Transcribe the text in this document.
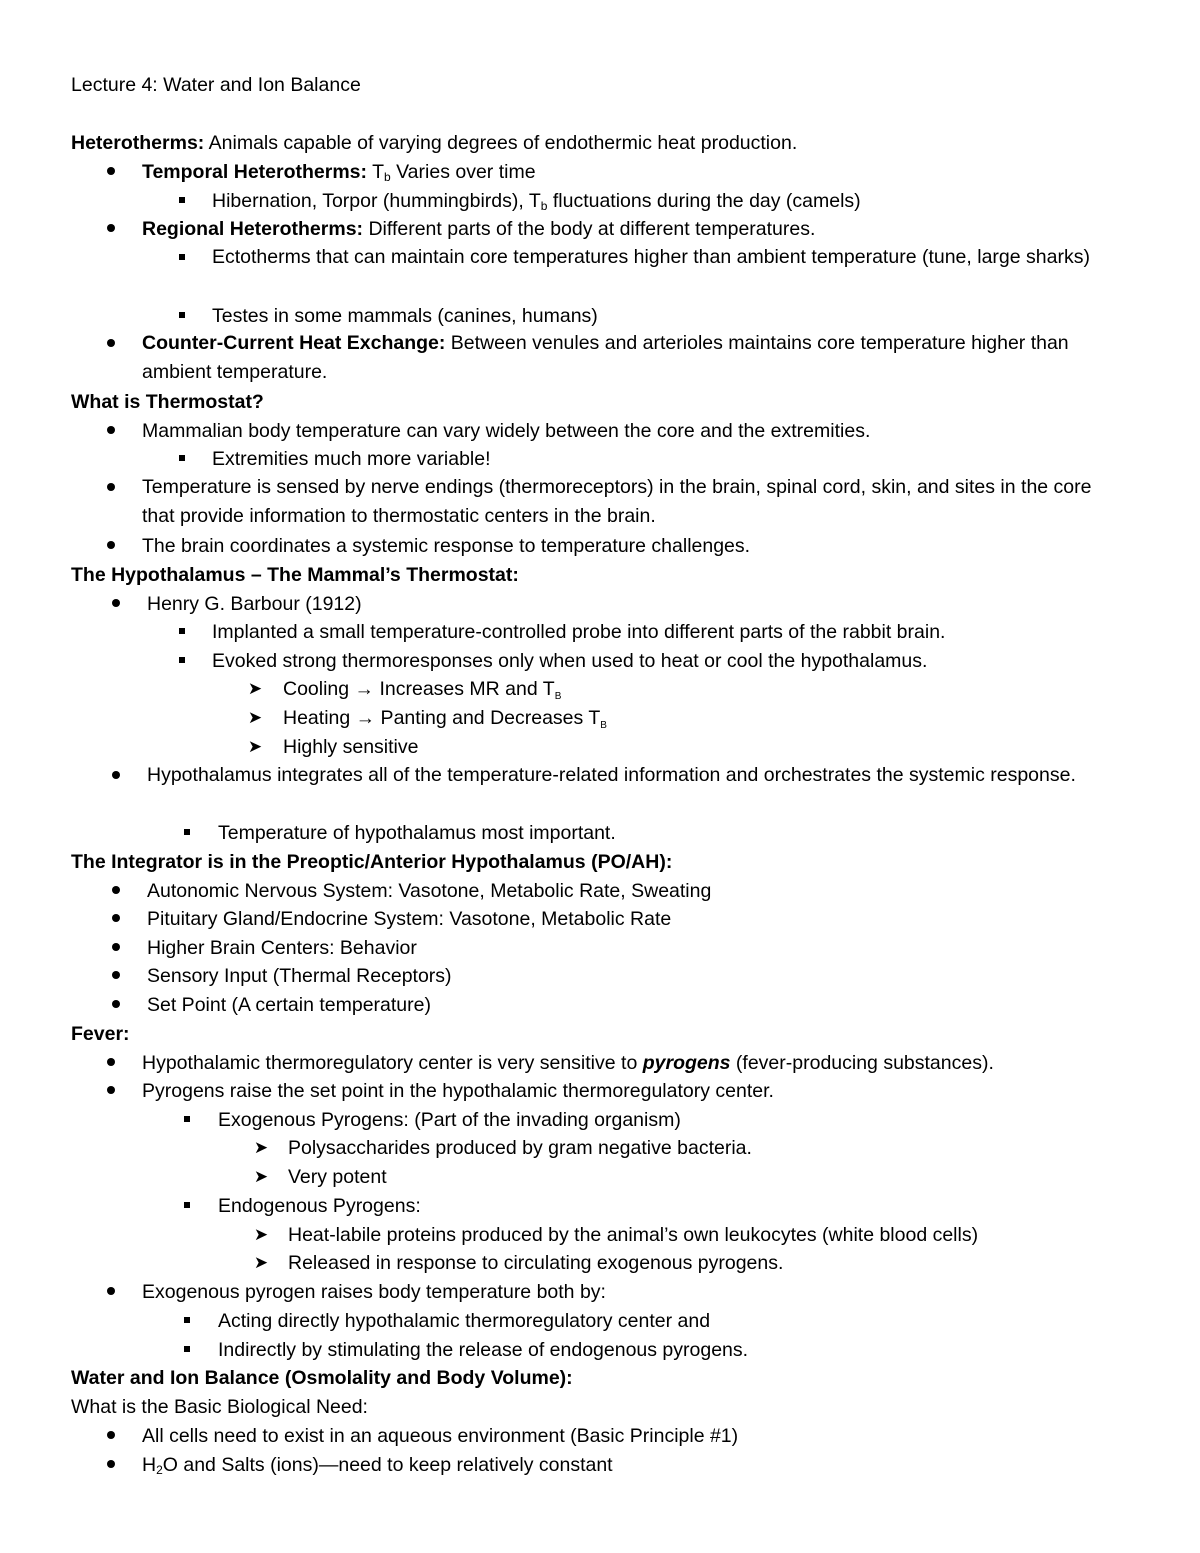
Lecture 4: Water and Ion Balance
Heterotherms: Animals capable of varying degrees of endothermic heat production.
Temporal Heterotherms: $T_b$ Varies over time
Hibernation, Torpor (hummingbirds), $T_b$ fluctuations during the day (camels)
Regional Heterotherms: Different parts of the body at different temperatures.
Ectotherms that can maintain core temperatures higher than ambient temperature (tune, large sharks)
Testes in some mammals (canines, humans)
Counter-Current Heat Exchange: Between venules and arterioles maintains core temperature higher than ambient temperature.
What is Thermostat?
Mammalian body temperature can vary widely between the core and the extremities.
Extremities much more variable!
Temperature is sensed by nerve endings (thermoreceptors) in the brain, spinal cord, skin, and sites in the core that provide information to thermostatic centers in the brain.
The brain coordinates a systemic response to temperature challenges.
The Hypothalamus – The Mammal’s Thermostat:
Henry G. Barbour (1912)
Implanted a small temperature-controlled probe into different parts of the rabbit brain.
Evoked strong thermoresponses only when used to heat or cool the hypothalamus.
➤ Cooling → Increases MR and $T_B$
➤ Heating → Panting and Decreases $T_B$
➤ Highly sensitive
Hypothalamus integrates all of the temperature-related information and orchestrates the systemic response.
Temperature of hypothalamus most important.
The Integrator is in the Preoptic/Anterior Hypothalamus (PO/AH):
Autonomic Nervous System: Vasotone, Metabolic Rate, Sweating
Pituitary Gland/Endocrine System: Vasotone, Metabolic Rate
Higher Brain Centers: Behavior
Sensory Input (Thermal Receptors)
Set Point (A certain temperature)
Fever:
Hypothalamic thermoregulatory center is very sensitive to pyrogens (fever-producing substances).
Pyrogens raise the set point in the hypothalamic thermoregulatory center.
Exogenous Pyrogens: (Part of the invading organism)
➤ Polysaccharides produced by gram negative bacteria.
➤ Very potent
Endogenous Pyrogens:
➤ Heat-labile proteins produced by the animal’s own leukocytes (white blood cells)
➤ Released in response to circulating exogenous pyrogens.
Exogenous pyrogen raises body temperature both by:
Acting directly hypothalamic thermoregulatory center and
Indirectly by stimulating the release of endogenous pyrogens.
Water and Ion Balance (Osmolality and Body Volume):
What is the Basic Biological Need:
All cells need to exist in an aqueous environment (Basic Principle #1)
$H_2O$ and Salts (ions)—need to keep relatively constant
